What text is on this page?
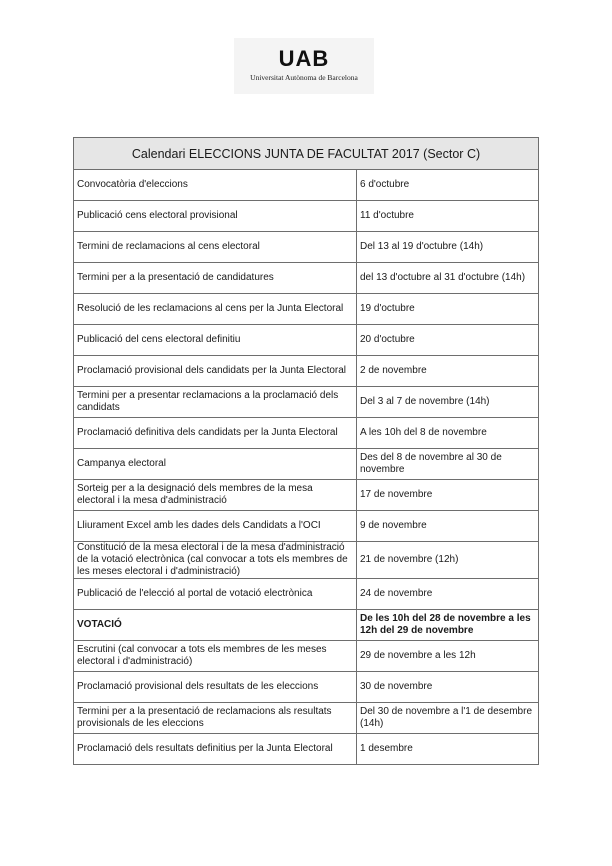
UAB
Universitat Autònoma de Barcelona
Calendari ELECCIONS JUNTA DE FACULTAT 2017 (Sector C)	
Convocatòria d'eleccions	6 d'octubre
Publicació cens electoral provisional	11 d'octubre
Termini de reclamacions al cens electoral	Del 13 al 19 d'octubre (14h)
Termini per a la presentació de candidatures	del 13 d'octubre al 31 d'octubre (14h)
Resolució de les reclamacions al cens per la Junta Electoral	19 d'octubre
Publicació del cens electoral definitiu	20 d'octubre
Proclamació provisional dels candidats per la Junta Electoral	2 de novembre
Termini per a presentar reclamacions a la proclamació dels candidats	Del 3 al 7 de novembre (14h)
Proclamació definitiva dels candidats per la Junta Electoral	A les 10h del 8 de novembre
Campanya electoral	Des del 8 de novembre al 30 de novembre
Sorteig per a la designació dels membres de la mesa electoral i la mesa d'administració	17 de novembre
Lliurament Excel amb les dades dels Candidats a l'OCI	9 de novembre
Constitució de la mesa electoral i de la mesa d'administració de la votació electrònica (cal convocar a tots els membres de les meses electoral i d'administració)	21 de novembre (12h)
Publicació de l'elecció al portal de votació electrònica	24 de novembre
VOTACIÓ	De les 10h del 28 de novembre a les 12h del 29 de novembre
Escrutini (cal convocar a tots els membres de les meses electoral i d'administració)	29 de novembre a les 12h
Proclamació provisional dels resultats de les eleccions	30 de novembre
Termini per a la presentació de reclamacions als resultats provisionals de les eleccions	Del 30 de novembre a l'1 de desembre (14h)
Proclamació dels resultats definitius per la Junta Electoral	1 desembre
